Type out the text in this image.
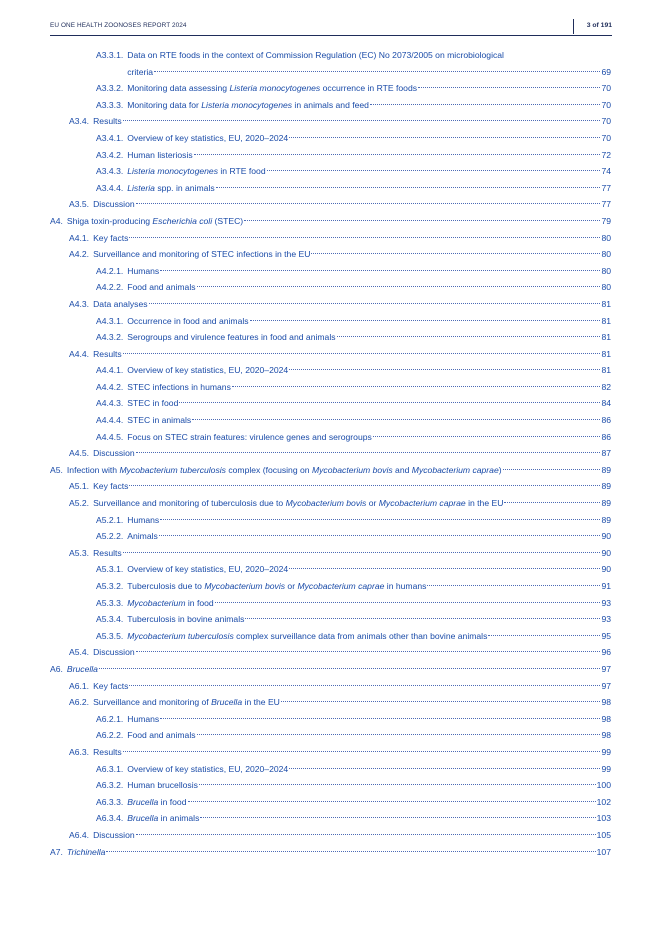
EU ONE HEALTH ZOONOSES REPORT 2024	3 of 191
A3.3.1. Data on RTE foods in the context of Commission Regulation (EC) No 2073/2005 on microbiological
criteria	69
A3.3.2. Monitoring data assessing Listeria monocytogenes occurrence in RTE foods	70
A3.3.3. Monitoring data for Listeria monocytogenes in animals and feed	70
A3.4. Results	70
A3.4.1. Overview of key statistics, EU, 2020–2024	70
A3.4.2. Human listeriosis	72
A3.4.3. Listeria monocytogenes in RTE food	74
A3.4.4. Listeria spp. in animals	77
A3.5. Discussion	77
A4. Shiga toxin-producing Escherichia coli (STEC)	79
A4.1. Key facts	80
A4.2. Surveillance and monitoring of STEC infections in the EU	80
A4.2.1. Humans	80
A4.2.2. Food and animals	80
A4.3. Data analyses	81
A4.3.1. Occurrence in food and animals	81
A4.3.2. Serogroups and virulence features in food and animals	81
A4.4. Results	81
A4.4.1. Overview of key statistics, EU, 2020–2024	81
A4.4.2. STEC infections in humans	82
A4.4.3. STEC in food	84
A4.4.4. STEC in animals	86
A4.4.5. Focus on STEC strain features: virulence genes and serogroups	86
A4.5. Discussion	87
A5. Infection with Mycobacterium tuberculosis complex (focusing on Mycobacterium bovis and Mycobacterium caprae)	89
A5.1. Key facts	89
A5.2. Surveillance and monitoring of tuberculosis due to Mycobacterium bovis or Mycobacterium caprae in the EU	89
A5.2.1. Humans	89
A5.2.2. Animals	90
A5.3. Results	90
A5.3.1. Overview of key statistics, EU, 2020–2024	90
A5.3.2. Tuberculosis due to Mycobacterium bovis or Mycobacterium caprae in humans	91
A5.3.3. Mycobacterium in food	93
A5.3.4. Tuberculosis in bovine animals	93
A5.3.5. Mycobacterium tuberculosis complex surveillance data from animals other than bovine animals	95
A5.4. Discussion	96
A6. Brucella	97
A6.1. Key facts	97
A6.2. Surveillance and monitoring of Brucella in the EU	98
A6.2.1. Humans	98
A6.2.2. Food and animals	98
A6.3. Results	99
A6.3.1. Overview of key statistics, EU, 2020–2024	99
A6.3.2. Human brucellosis	100
A6.3.3. Brucella in food	102
A6.3.4. Brucella in animals	103
A6.4. Discussion	105
A7. Trichinella	107
